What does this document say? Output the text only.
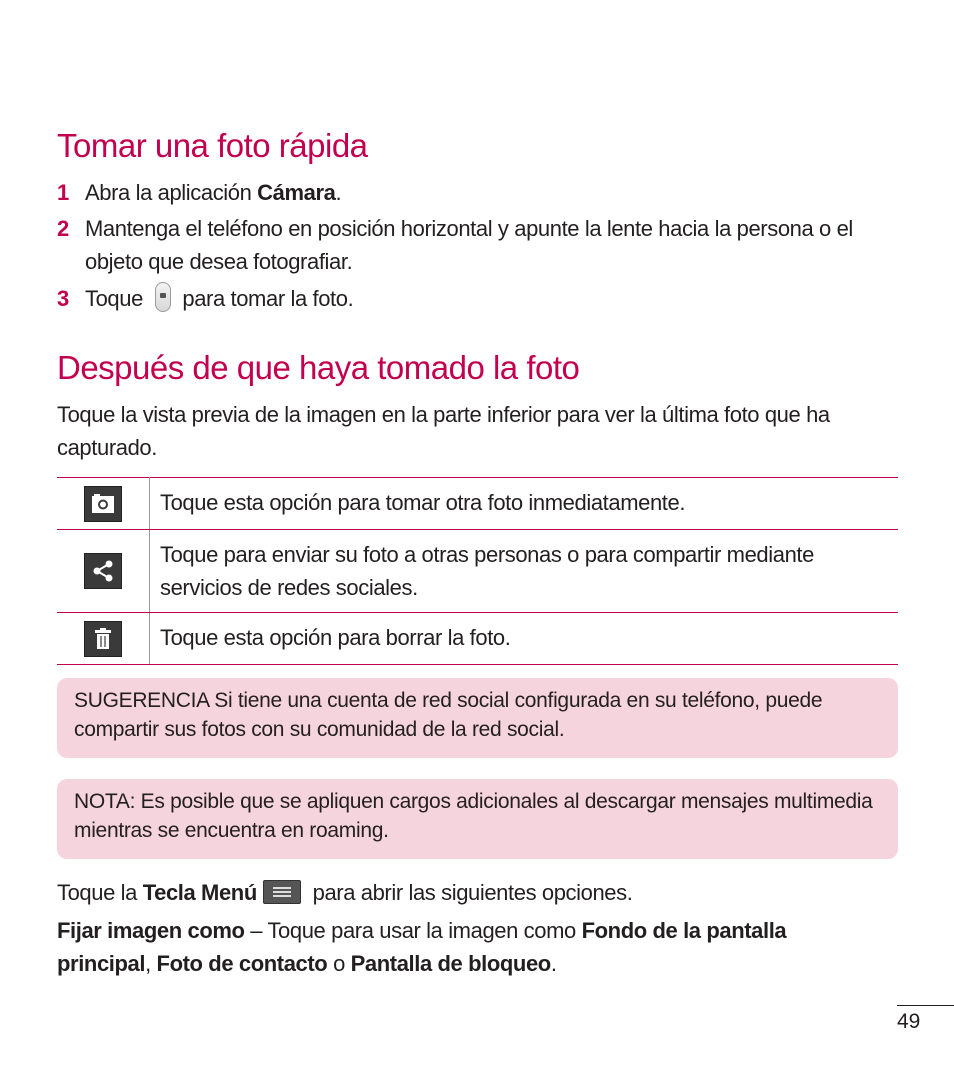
Tomar una foto rápida
1 Abra la aplicación Cámara.
2 Mantenga el teléfono en posición horizontal y apunte la lente hacia la persona o el objeto que desea fotografiar.
3 Toque  para tomar la foto.
Después de que haya tomado la foto
Toque la vista previa de la imagen en la parte inferior para ver la última foto que ha capturado.
	Toque esta opción para tomar otra foto inmediatamente.
	Toque para enviar su foto a otras personas o para compartir mediante servicios de redes sociales.
	Toque esta opción para borrar la foto.
SUGERENCIA Si tiene una cuenta de red social configurada en su teléfono, puede compartir sus fotos con su comunidad de la red social.
NOTA: Es posible que se apliquen cargos adicionales al descargar mensajes multimedia mientras se encuentra en roaming.
Toque la Tecla Menú
para abrir las siguientes opciones.
Fijar imagen como – Toque para usar la imagen como Fondo de la pantalla principal, Foto de contacto o Pantalla de bloqueo.
49
